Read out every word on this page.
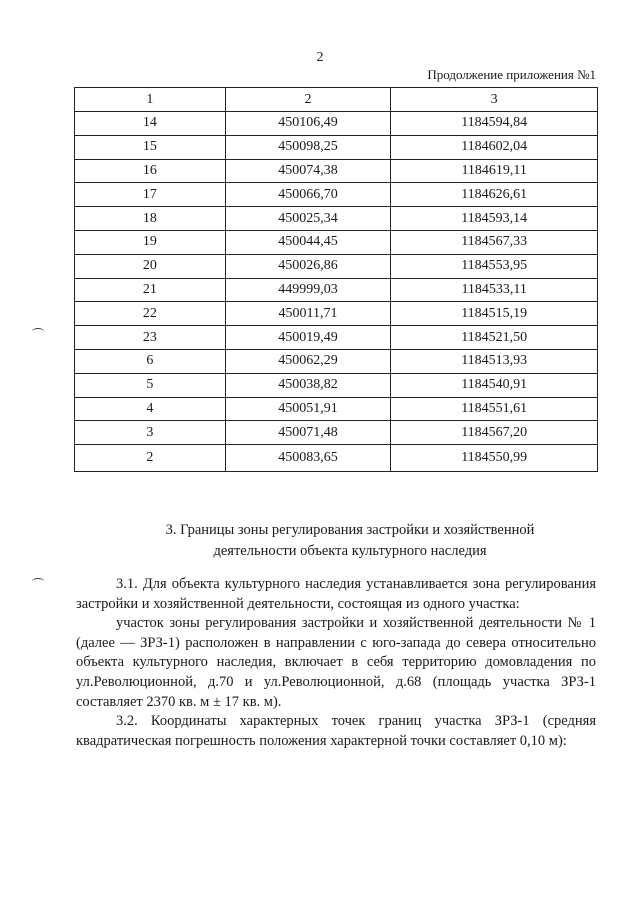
2
Продолжение приложения №1
1	2	3
14	450106,49	1184594,84
15	450098,25	1184602,04
16	450074,38	1184619,11
17	450066,70	1184626,61
18	450025,34	1184593,14
19	450044,45	1184567,33
20	450026,86	1184553,95
21	449999,03	1184533,11
22	450011,71	1184515,19
23	450019,49	1184521,50
6	450062,29	1184513,93
5	450038,82	1184540,91
4	450051,91	1184551,61
3	450071,48	1184567,20
2	450083,65	1184550,99
3. Границы зоны регулирования застройки и хозяйственной
деятельности объекта культурного наследия

3.1. Для объекта культурного наследия устанавливается зона регулирования застройки и хозяйственной деятельности, состоящая из одного участка:

участок зоны регулирования застройки и хозяйственной деятельности № 1 (далее — ЗРЗ-1) расположен в направлении с юго-запада до севера относительно объекта культурного наследия, включает в себя территорию домовладения по ул.Революционной, д.70 и ул.Революционной, д.68 (площадь участка ЗРЗ-1 составляет 2370 кв. м ± 17 кв. м).

3.2. Координаты характерных точек границ участка ЗРЗ-1 (средняя квадратическая погрешность положения характерной точки составляет 0,10 м):
